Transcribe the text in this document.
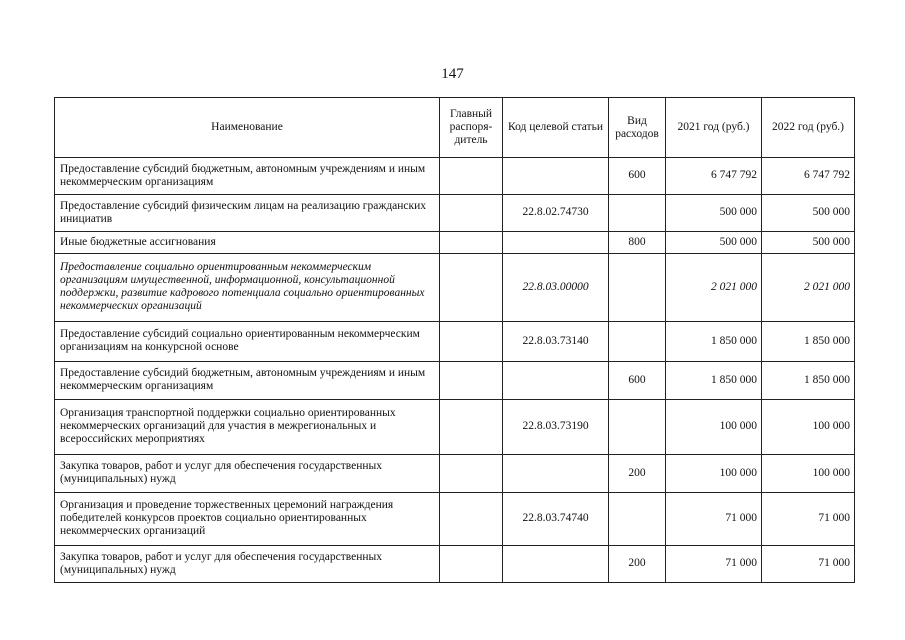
147
Наименование	Главный распоря-дитель	Код целевой статьи	Вид расходов	2021 год (руб.)	2022 год (руб.)
Предоставление субсидий бюджетным, автономным учреждениям и иным некоммерческим организациям			600	6 747 792	6 747 792
Предоставление субсидий физическим лицам на реализацию гражданских инициатив		22.8.02.74730		500 000	500 000
Иные бюджетные ассигнования			800	500 000	500 000
Предоставление социально ориентированным некоммерческим организациям имущественной, информационной, консультационной поддержки, развитие кадрового потенциала социально ориентированных некоммерческих организаций		22.8.03.00000		2 021 000	2 021 000
Предоставление субсидий социально ориентированным некоммерческим организациям на конкурсной основе		22.8.03.73140		1 850 000	1 850 000
Предоставление субсидий бюджетным, автономным учреждениям и иным некоммерческим организациям			600	1 850 000	1 850 000
Организация транспортной поддержки социально ориентированных некоммерческих организаций для участия в межрегиональных и всероссийских мероприятиях		22.8.03.73190		100 000	100 000
Закупка товаров, работ и услуг для обеспечения государственных (муниципальных) нужд			200	100 000	100 000
Организация и проведение торжественных церемоний награждения победителей конкурсов проектов социально ориентированных некоммерческих организаций		22.8.03.74740		71 000	71 000
Закупка товаров, работ и услуг для обеспечения государственных (муниципальных) нужд			200	71 000	71 000
